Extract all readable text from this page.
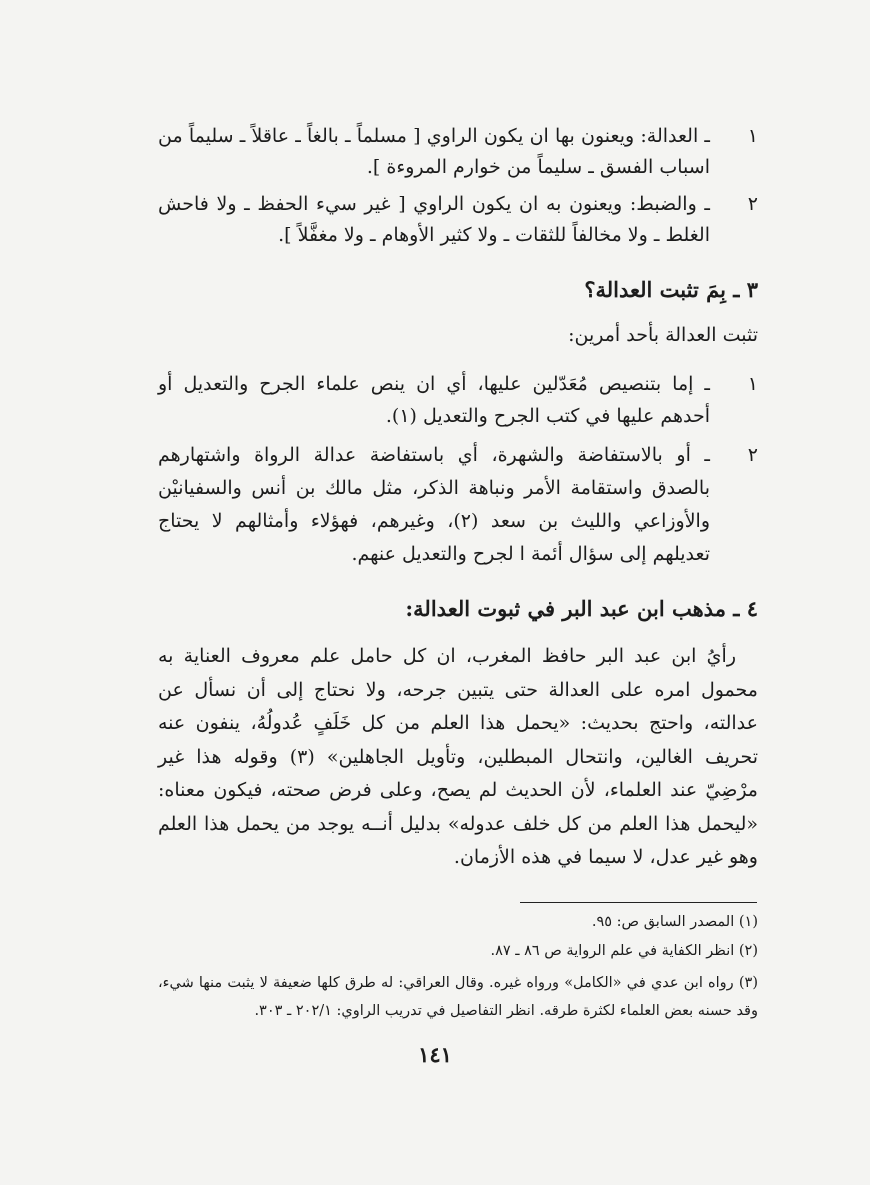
١
ـ العدالة: ويعنون بها ان يكون الراوي [ مسلماً ـ بالغاً ـ عاقلاً ـ سليماً من اسباب الفسق ـ سليماً من خوارم المروءة ].
٢
ـ والضبط: ويعنون به ان يكون الراوي [ غير سيء الحفظ ـ ولا فاحش الغلط ـ ولا مخالفاً للثقات ـ ولا كثير الأوهام ـ ولا مغفَّلاً ].
٣ ـ بِمَ تثبت العدالة؟
تثبت العدالة بأحد أمرين:
١
ـ إما بتنصيص مُعَدّلين عليها، أي ان ينص علماء الجرح والتعديل أو أحدهم عليها في كتب الجرح والتعديل (١).
٢
ـ أو بالاستفاضة والشهرة، أي باستفاضة عدالة الرواة واشتهارهم بالصدق واستقامة الأمر ونباهة الذكر، مثل مالك بن أنس والسفيانيْن والأوزاعي والليث بن سعد (٢)، وغيرهم، فهؤلاء وأمثالهم لا يحتاج تعديلهم إلى سؤال أئمة ا لجرح والتعديل عنهم.
٤ ـ مذهب ابن عبد البر في ثبوت العدالة:
رأيُ ابن عبد البر حافظ المغرب، ان كل حامل علم معروف العناية به محمول امره على العدالة حتى يتبين جرحه، ولا نحتاج إلى أن نسأل عن عدالته، واحتج بحديث: «يحمل هذا العلم من كل خَلَفٍ عُدولُهُ، ينفون عنه تحريف الغالين، وانتحال المبطلين، وتأويل الجاهلين» (٣) وقوله هذا غير مرْضِيّ عند العلماء، لأن الحديث لم يصح، وعلى فرض صحته، فيكون معناه: «ليحمل هذا العلم من كل خلف عدوله» بدليل أنــه يوجد من يحمل هذا العلم وهو غير عدل، لا سيما في هذه الأزمان.
(١) المصدر السابق ص: ٩٥.
(٢) انظر الكفاية في علم الرواية ص ٨٦ ـ ٨٧.
(٣) رواه ابن عدي في «الكامل» ورواه غيره. وقال العراقي: له طرق كلها ضعيفة لا يثبت منها شيء، وقد حسنه بعض العلماء لكثرة طرقه. انظر التفاصيل في تدريب الراوي: ٢٠٢/١ ـ ٣٠٣.
١٤١
